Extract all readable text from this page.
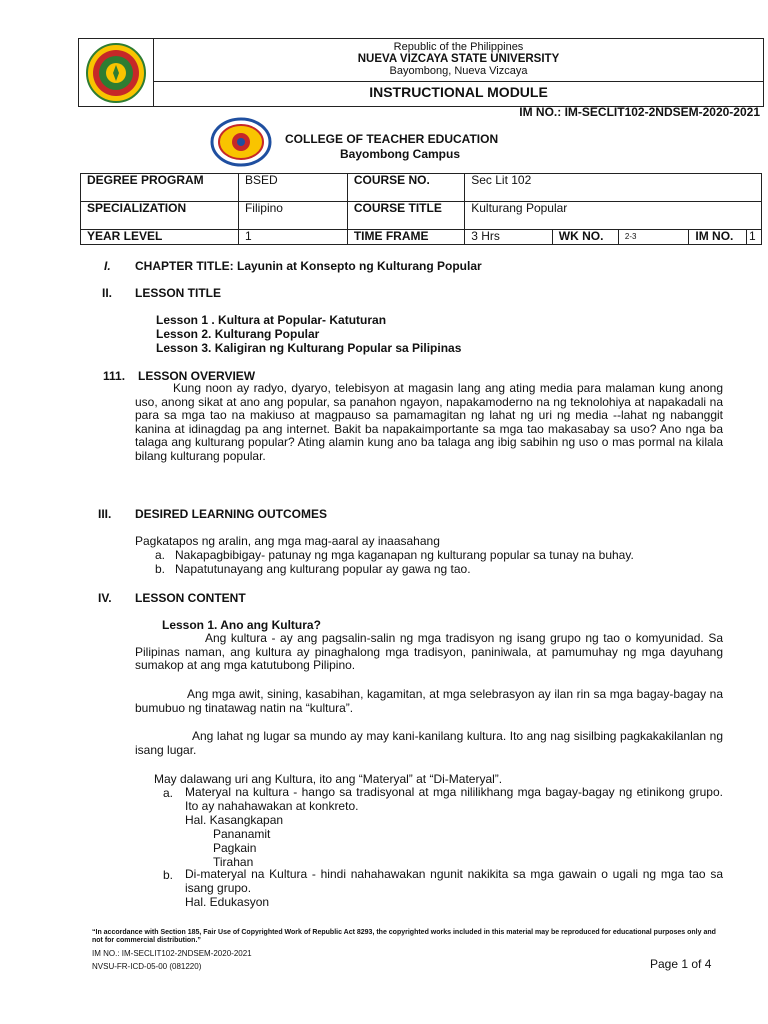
Republic of the Philippines
NUEVA VIZCAYA STATE UNIVERSITY
Bayombong, Nueva Vizcaya
INSTRUCTIONAL MODULE
IM NO.: IM-SECLIT102-2NDSEM-2020-2021
COLLEGE OF TEACHER EDUCATION
Bayombong Campus
DEGREE PROGRAM	BSED	COURSE NO.	Sec Lit 102				
SPECIALIZATION	Filipino	COURSE TITLE	Kulturang Popular				
YEAR LEVEL	1	TIME FRAME	3 Hrs	WK NO.	2-3	IM NO.	1
I. CHAPTER TITLE: Layunin at Konsepto ng Kulturang Popular
II. LESSON TITLE
Lesson 1 . Kultura at Popular- Katuturan
Lesson 2. Kulturang Popular
Lesson 3. Kaligiran ng Kulturang Popular sa Pilipinas
111. LESSON OVERVIEW
Kung noon ay radyo, dyaryo, telebisyon at magasin lang ang ating media para malaman kung anong uso, anong sikat at ano ang popular, sa panahon ngayon, napakamoderno na ng teknolohiya at napakadali na para sa mga tao na makiuso at magpauso sa pamamagitan ng lahat ng uri ng media --lahat ng nabanggit kanina at idinagdag pa ang internet. Bakit ba napakaimportante sa mga tao makasabay sa uso? Ano nga ba talaga ang kulturang popular? Ating alamin kung ano ba talaga ang ibig sabihin ng uso o mas pormal na kilala bilang kulturang popular.
III. DESIRED LEARNING OUTCOMES
Pagkatapos ng aralin, ang mga mag-aaral ay inaasahang
a. Nakapagbibigay- patunay ng mga kaganapan ng kulturang popular sa tunay na buhay.
b. Napatutunayang ang kulturang popular ay gawa ng tao.
IV. LESSON CONTENT
Lesson 1. Ano ang Kultura?
Ang kultura - ay ang pagsalin-salin ng mga tradisyon ng isang grupo ng tao o komyunidad. Sa Pilipinas naman, ang kultura ay pinaghalong mga tradisyon, paniniwala, at pamumuhay ng mga dayuhang sumakop at ang mga katutubong Pilipino.
Ang mga awit, sining, kasabihan, kagamitan, at mga selebrasyon ay ilan rin sa mga bagay-bagay na bumubuo ng tinatawag natin na “kultura”.
Ang lahat ng lugar sa mundo ay may kani-kanilang kultura. Ito ang nag sisilbing pagkakakilanlan ng isang lugar.
May dalawang uri ang Kultura, ito ang “Materyal” at “Di-Materyal”.
a. Materyal na kultura - hango sa tradisyonal at mga nililikhang mga bagay-bagay ng etinikong grupo. Ito ay nahahawakan at konkreto.
Hal. Kasangkapan
Pananamit
Pagkain
Tirahan
b. Di-materyal na Kultura - hindi nahahawakan ngunit nakikita sa mga gawain o ugali ng mga tao sa isang grupo.
Hal. Edukasyon
“In accordance with Section 185, Fair Use of Copyrighted Work of Republic Act 8293, the copyrighted works included in this material may be reproduced for educational purposes only and not for commercial distribution.”
IM NO.: IM-SECLIT102-2NDSEM-2020-2021
NVSU-FR-ICD-05-00 (081220)	Page 1 of 4
